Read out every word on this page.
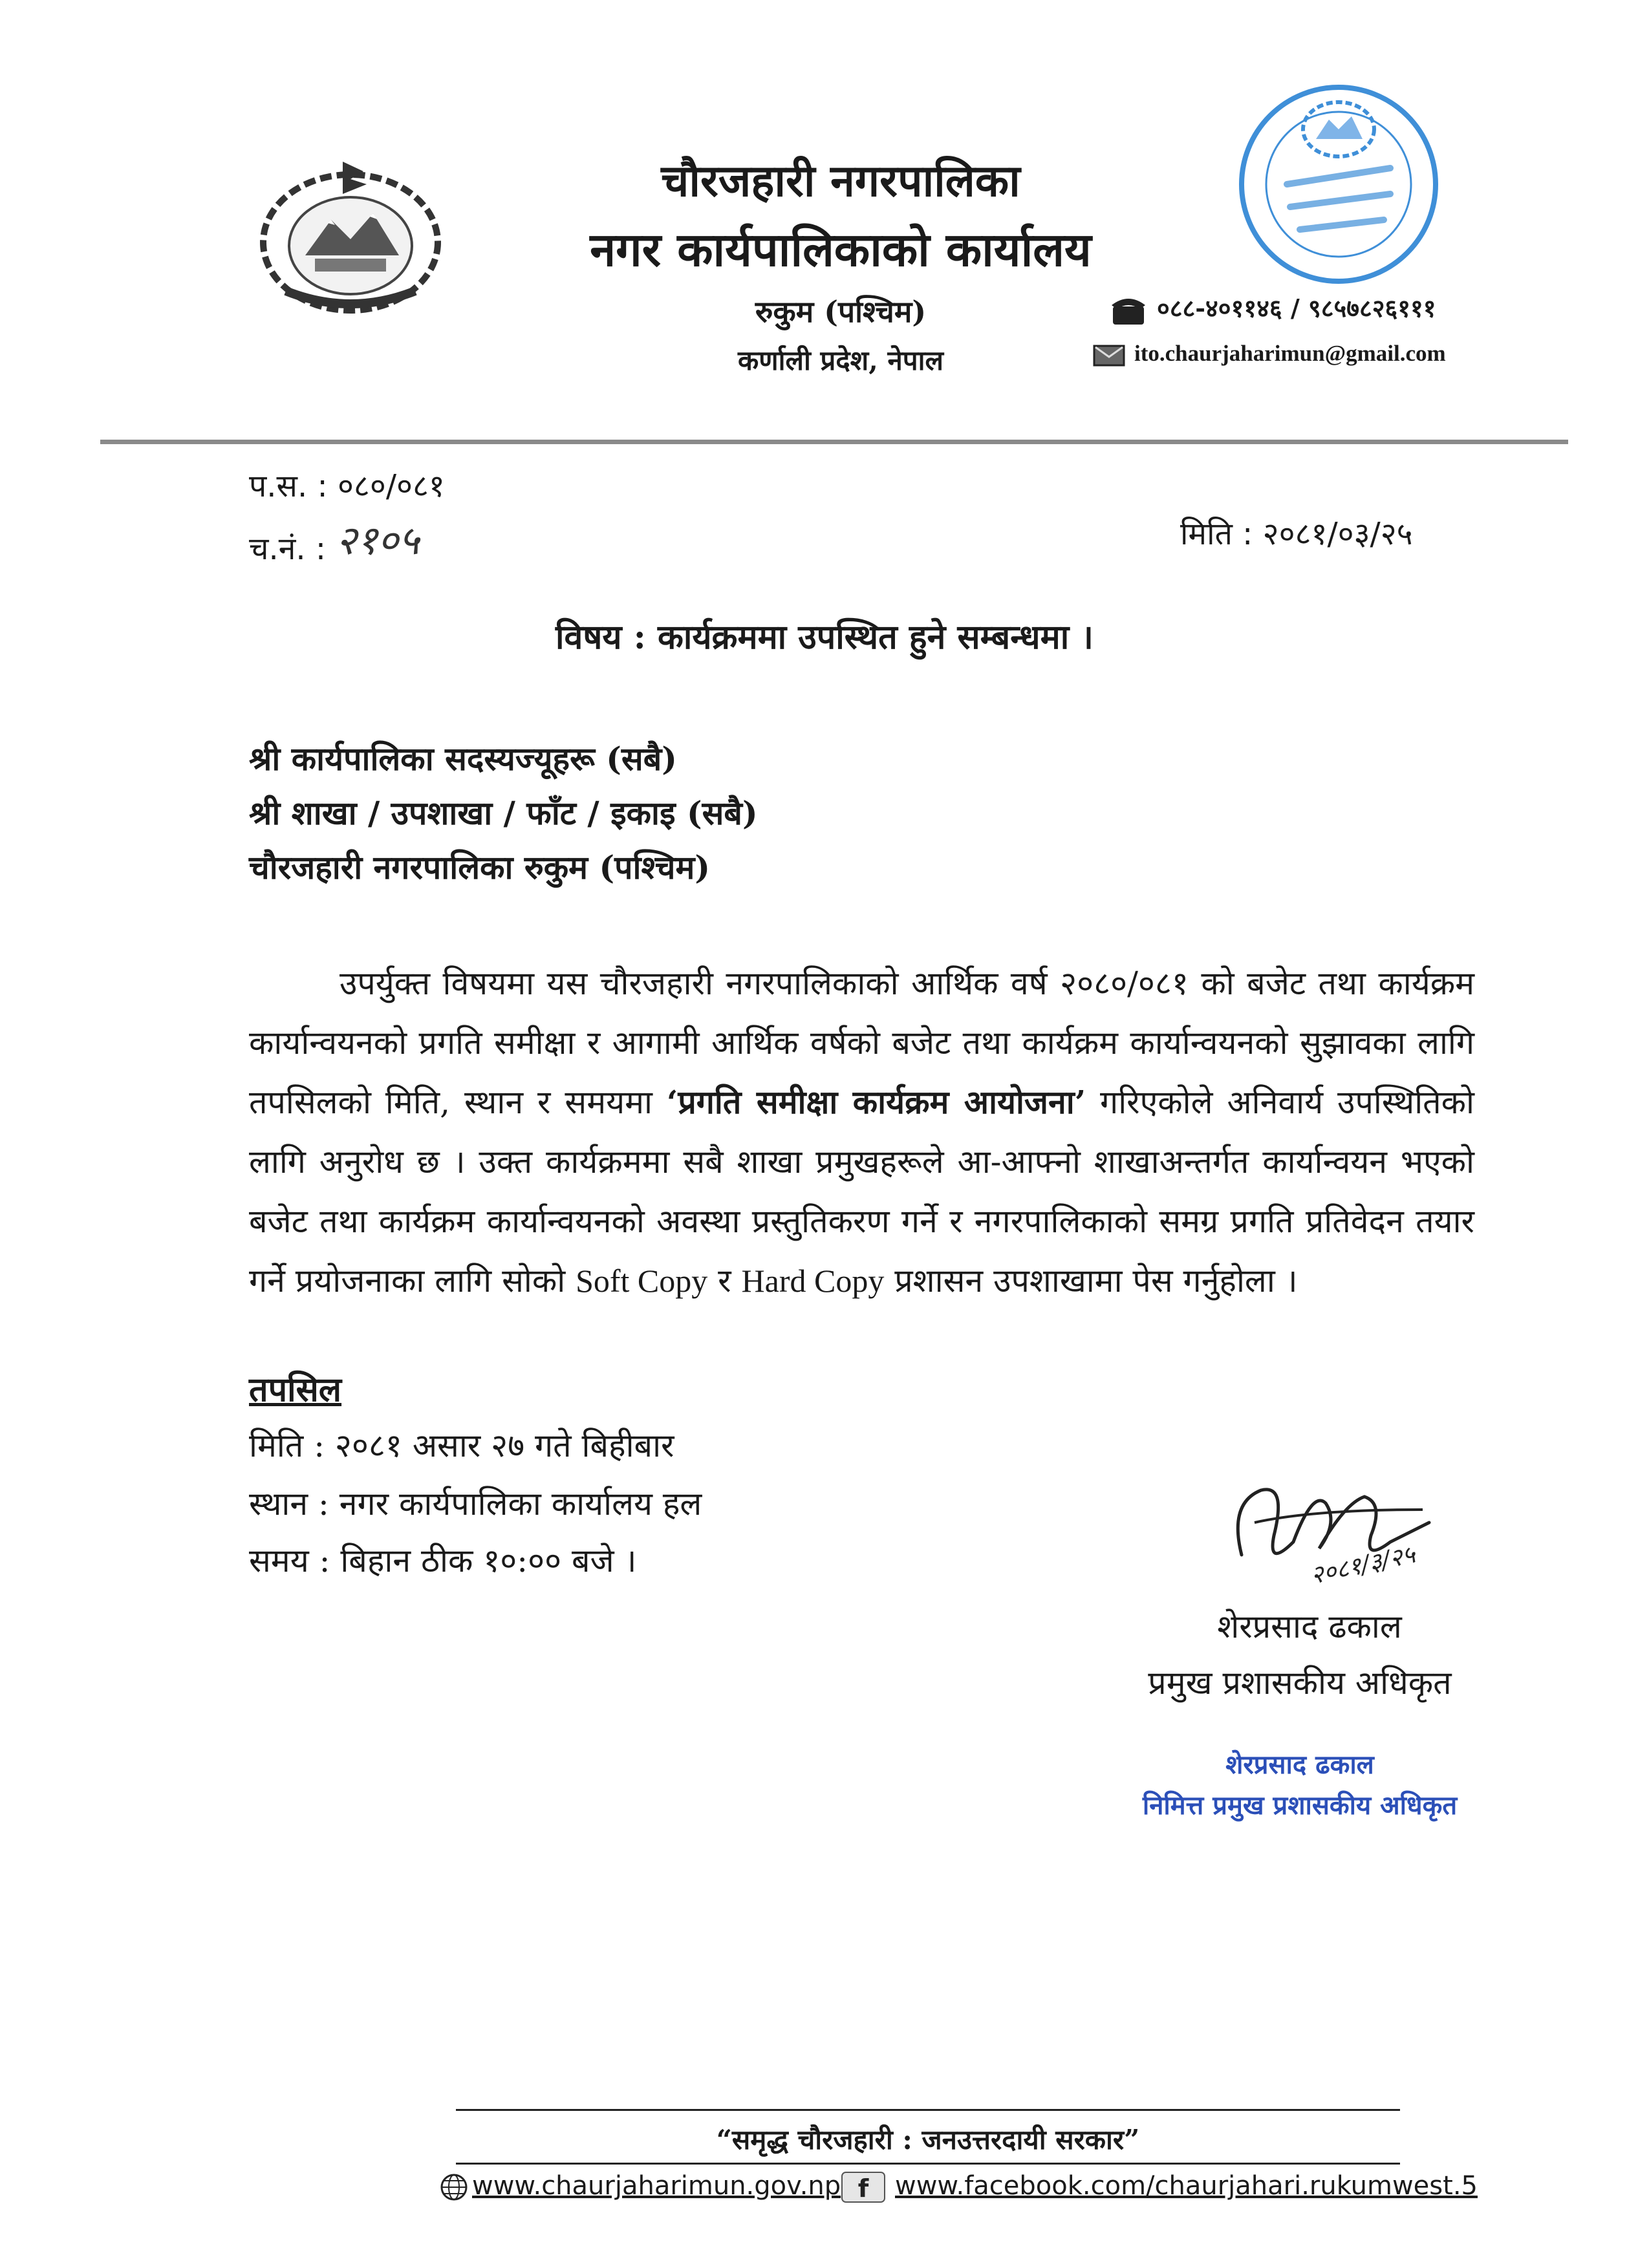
चौरजहारी नगरपालिका
नगर कार्यपालिकाको कार्यालय
रुकुम (पश्चिम)
कर्णाली प्रदेश, नेपाल
०८८-४०११४६ / ९८५७८२६१११
ito.chaurjaharimun@gmail.com
प.स. : ०८०/०८१
च.नं. : २१०५	मिति : २०८१/०३/२५
विषय : कार्यक्रममा उपस्थित हुने सम्बन्धमा ।
श्री कार्यपालिका सदस्यज्यूहरू (सबै)
श्री शाखा / उपशाखा / फाँट / इकाइ (सबै)
चौरजहारी नगरपालिका रुकुम (पश्चिम)

उपर्युक्त विषयमा यस चौरजहारी नगरपालिकाको आर्थिक वर्ष २०८०/०८१ को बजेट तथा कार्यक्रम कार्यान्वयनको प्रगति समीक्षा र आगामी आर्थिक वर्षको बजेट तथा कार्यक्रम कार्यान्वयनको सुझावका लागि तपसिलको मिति, स्थान र समयमा ‘प्रगति समीक्षा कार्यक्रम आयोजना’ गरिएकोले अनिवार्य उपस्थितिको लागि अनुरोध छ । उक्त कार्यक्रममा सबै शाखा प्रमुखहरूले आ-आफ्नो शाखाअन्तर्गत कार्यान्वयन भएको बजेट तथा कार्यक्रम कार्यान्वयनको अवस्था प्रस्तुतिकरण गर्ने र नगरपालिकाको समग्र प्रगति प्रतिवेदन तयार गर्ने प्रयोजनाका लागि सोको Soft Copy र Hard Copy प्रशासन उपशाखामा पेस गर्नुहोला ।

तपसिल
मिति : २०८१ असार २७ गते बिहीबार
स्थान : नगर कार्यपालिका कार्यालय हल
समय : बिहान ठीक १०:०० बजे ।	२०८१/३/२५
शेरप्रसाद ढकाल
प्रमुख प्रशासकीय अधिकृत
शेरप्रसाद ढकाल
निमित्त प्रमुख प्रशासकीय अधिकृत
“समृद्ध चौरजहारी : जनउत्तरदायी सरकार”
www.chaurjaharimun.gov.np f www.facebook.com/chaurjahari.rukumwest.5
